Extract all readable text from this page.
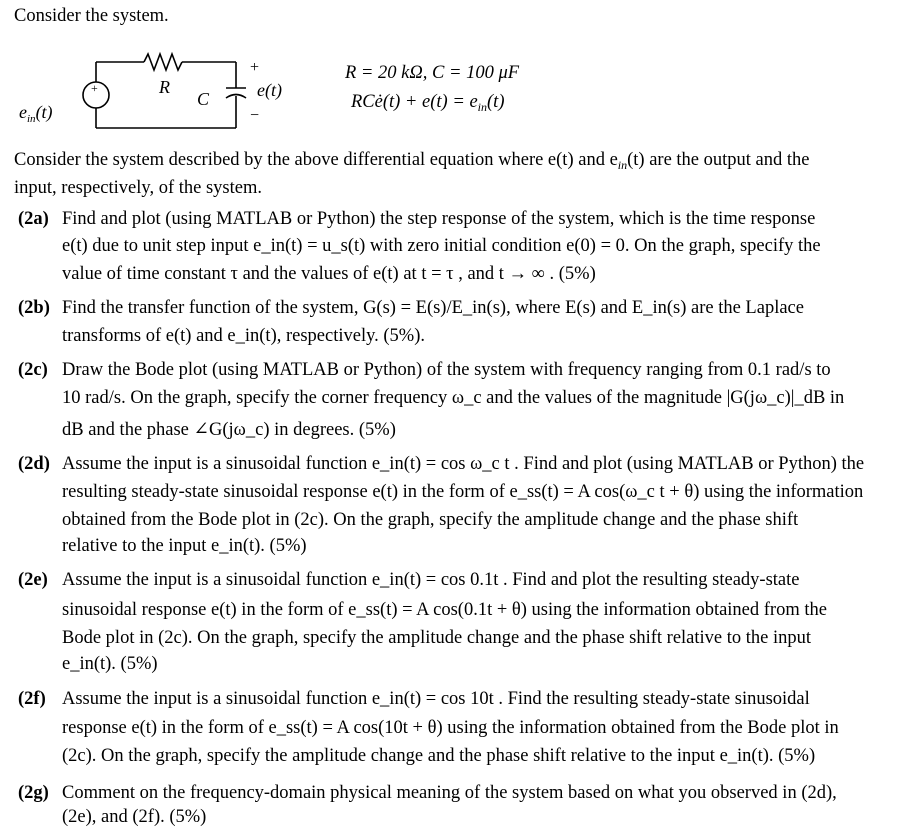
Consider the system.
+	R
C
+
e(t)
−
$e_{in}(t)$
R = 20 kΩ, C = 100 μF
RCė(t) + $e(t) = e_{in}(t)$
Consider the system described by the above differential equation where e(t) and $e_{in}(t)$ are the output and the
input, respectively, of the system.
(2a) Find and plot (using MATLAB or Python) the step response of the system, which is the time response
e(t) due to unit step input e_in(t) = u_s(t) with zero initial condition e(0) = 0. On the graph, specify the
value of time constant τ and the values of e(t) at t = τ , and t → ∞ . (5%)
(2b) Find the transfer function of the system, G(s) = E(s)/E_in(s), where E(s) and E_in(s) are the Laplace
transforms of e(t) and e_in(t), respectively. (5%).
(2c) Draw the Bode plot (using MATLAB or Python) of the system with frequency ranging from 0.1 rad/s to
10 rad/s. On the graph, specify the corner frequency ω_c and the values of the magnitude |G(jω_c)|_dB in
dB and the phase ∠G(jω_c) in degrees. (5%)
(2d) Assume the input is a sinusoidal function e_in(t) = cos ω_c t . Find and plot (using MATLAB or Python) the
resulting steady-state sinusoidal response e(t) in the form of e_ss(t) = A cos(ω_c t + θ) using the information
obtained from the Bode plot in (2c). On the graph, specify the amplitude change and the phase shift
relative to the input e_in(t). (5%)
(2e) Assume the input is a sinusoidal function e_in(t) = cos 0.1t . Find and plot the resulting steady-state
sinusoidal response e(t) in the form of e_ss(t) = A cos(0.1t + θ) using the information obtained from the
Bode plot in (2c). On the graph, specify the amplitude change and the phase shift relative to the input
e_in(t). (5%)
(2f) Assume the input is a sinusoidal function e_in(t) = cos 10t . Find the resulting steady-state sinusoidal
response e(t) in the form of e_ss(t) = A cos(10t + θ) using the information obtained from the Bode plot in
(2c). On the graph, specify the amplitude change and the phase shift relative to the input e_in(t). (5%)
(2g) Comment on the frequency-domain physical meaning of the system based on what you observed in (2d),
(2e), and (2f). (5%)
